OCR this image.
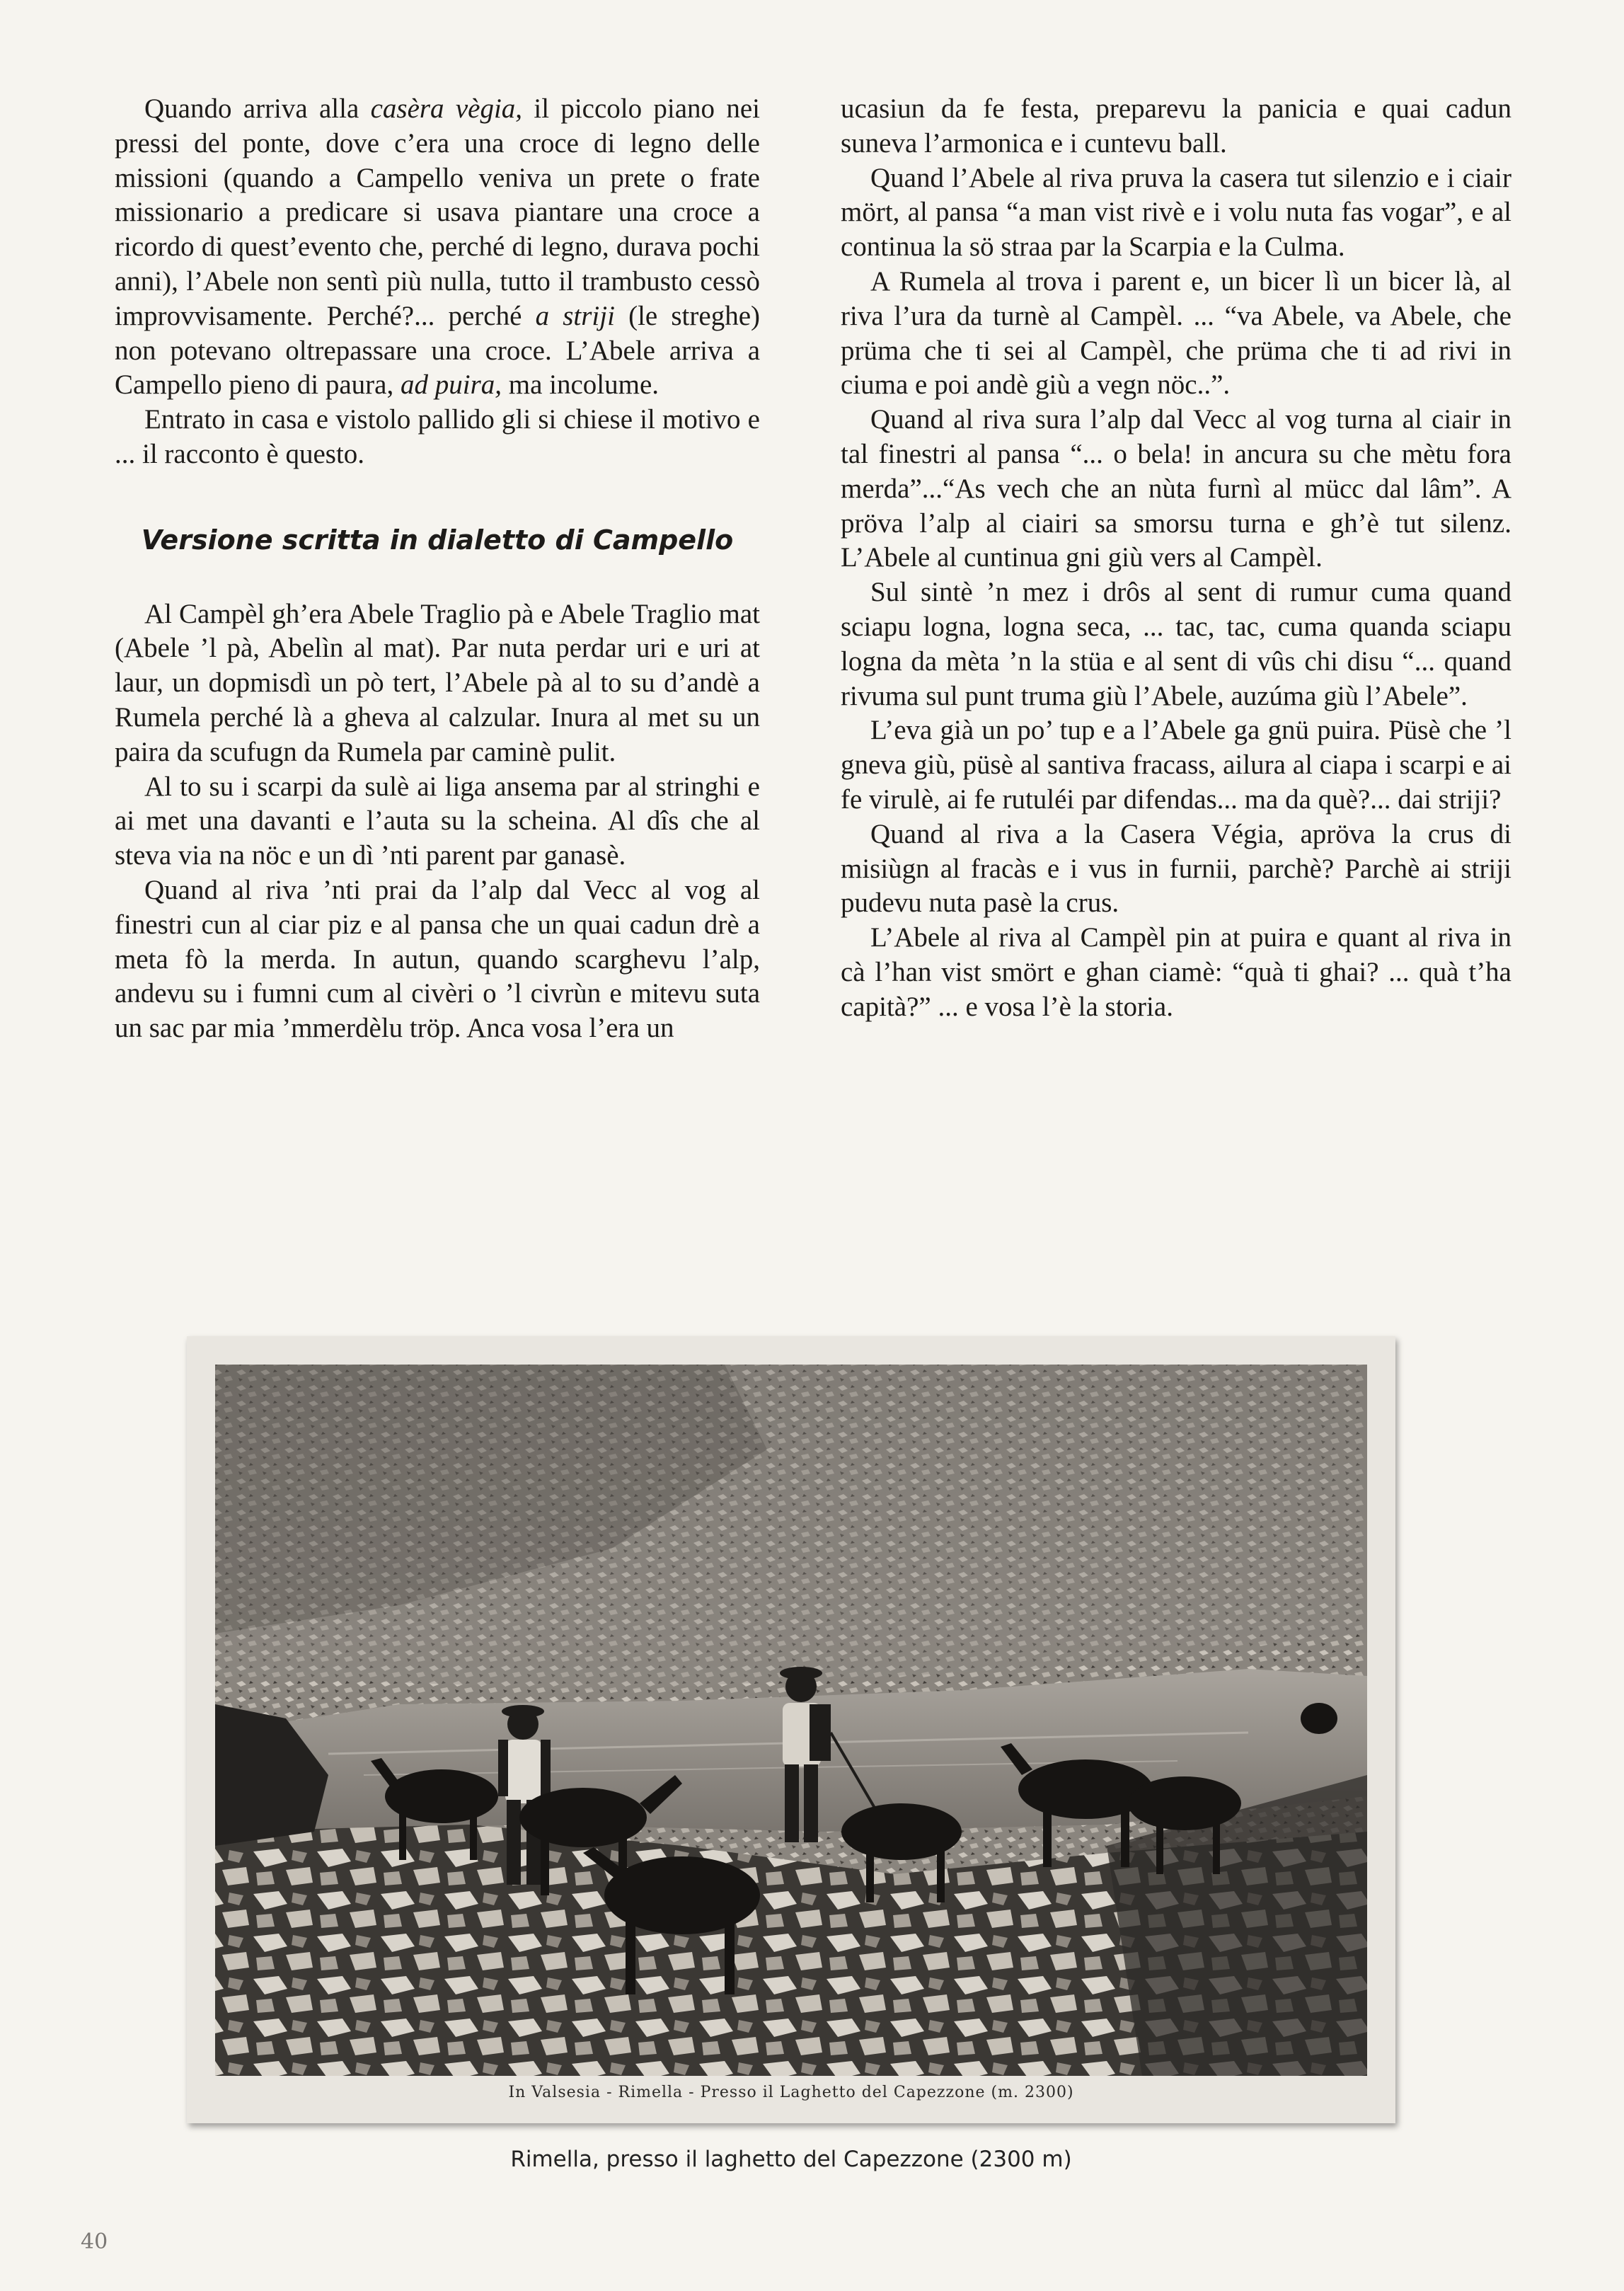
Quando arriva alla casèra vègia, il piccolo piano nei pressi del ponte, dove c’era una croce di legno delle missioni (quando a Campello veniva un prete o frate missionario a predicare si usava piantare una croce a ricordo di quest’evento che, perché di legno, durava pochi anni), l’Abele non sentì più nulla, tutto il trambusto cessò improvvisamente. Perché?... perché a striji (le streghe) non potevano oltrepassare una croce. L’Abele arriva a Campello pieno di paura, ad puira, ma incolume.

Entrato in casa e vistolo pallido gli si chiese il motivo e ... il racconto è questo.

Versione scritta in dialetto di Campello

Al Campèl gh’era Abele Traglio pà e Abele Traglio mat (Abele ’l pà, Abelìn al mat). Par nuta perdar uri e uri at laur, un dopmisdì un pò tert, l’Abele pà al to su d’andè a Rumela perché là a gheva al calzular. Inura al met su un paira da scufugn da Rumela par caminè pulit.

Al to su i scarpi da sulè ai liga ansema par al stringhi e ai met una davanti e l’auta su la scheina. Al dîs che al steva via na nöc e un dì ’nti parent par ganasè.

Quand al riva ’nti prai da l’alp dal Vecc al vog al finestri cun al ciar piz e al pansa che un quai cadun drè a meta fò la merda. In autun, quando scarghevu l’alp, andevu su i fumni cum al civèri o ’l civrùn e mitevu suta un sac par mia ’mmerdèlu tröp. Anca vosa l’era un

ucasiun da fe festa, preparevu la panicia e quai cadun suneva l’armonica e i cuntevu ball.

Quand l’Abele al riva pruva la casera tut silenzio e i ciair mört, al pansa “a man vist rivè e i volu nuta fas vogar”, e al continua la sö straa par la Scarpia e la Culma.

A Rumela al trova i parent e, un bicer lì un bicer là, al riva l’ura da turnè al Campèl. ... “va Abele, va Abele, che prüma che ti sei al Campèl, che prüma che ti ad rivi in ciuma e poi andè giù a vegn nöc..”.

Quand al riva sura l’alp dal Vecc al vog turna al ciair in tal finestri al pansa “... o bela! in ancura su che mètu fora merda”...“As vech che an nùta furnì al mücc dal lâm”. A pröva l’alp al ciairi sa smorsu turna e gh’è tut silenz. L’Abele al cuntinua gni giù vers al Campèl.

Sul sintè ’n mez i drôs al sent di rumur cuma quand sciapu logna, logna seca, ... tac, tac, cuma quanda sciapu logna da mèta ’n la stüa e al sent di vûs chi disu “... quand rivuma sul punt truma giù l’Abele, auzúma giù l’Abele”.

L’eva già un po’ tup e a l’Abele ga gnü puira. Püsè che ’l gneva giù, püsè al santiva fracass, ailura al ciapa i scarpi e ai fe virulè, ai fe rutuléi par difendas... ma da què?... dai striji?

Quand al riva a la Casera Végia, apröva la crus di misiùgn al fracàs e i vus in furnii, parchè? Parchè ai striji pudevu nuta pasè la crus.

L’Abele al riva al Campèl pin at puira e quant al riva in cà l’han vist smört e ghan ciamè: “quà ti ghai? ... quà t’ha capità?” ... e vosa l’è la storia.

In Valsesia - Rimella - Presso il Laghetto del Capezzone (m. 2300)
Rimella, presso il laghetto del Capezzone (2300 m)
40
